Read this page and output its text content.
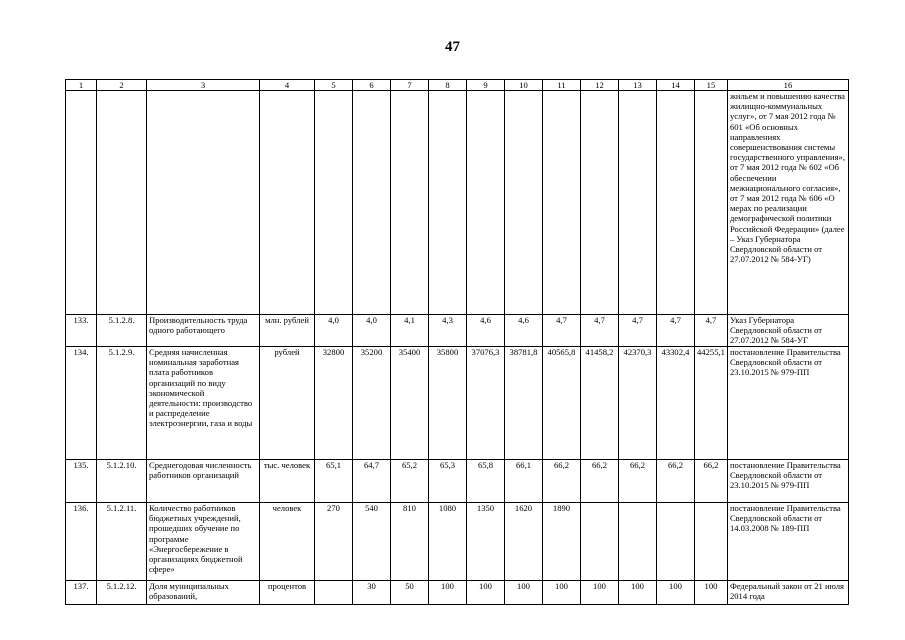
47
1	2	3	4	5	6	7	8	9	10	11	12	13	14	15	16
															жильем и повышению качества жилищно-коммунальных услуг», от 7 мая 2012 года № 601 «Об основных направлениях совершенствования системы государственного управления», от 7 мая 2012 года № 602 «Об обеспечении межнационального согласия», от 7 мая 2012 года № 606 «О мерах по реализации демографической политики Российской Федерации» (далее – Указ Губернатора Свердловской области от 27.07.2012 № 584-УГ)
133.	5.1.2.8.	Производительность труда одного работающего	млн. рублей	4,0	4,0	4,1	4,3	4,6	4,6	4,7	4,7	4,7	4,7	4,7	Указ Губернатора Свердловской области от 27.07.2012 № 584-УГ
134.	5.1.2.9.	Средняя начисленная номинальная заработная плата работников организаций по виду экономической деятельности: производство и распределение электроэнергии, газа и воды	рублей	32800	35200	35400	35800	37076,3	38781,8	40565,8	41458,2	42370,3	43302,4	44255,1	постановление Правительства Свердловской области от 23.10.2015 № 979-ПП
135.	5.1.2.10.	Среднегодовая численность работников организаций	тыс. человек	65,1	64,7	65,2	65,3	65,8	66,1	66,2	66,2	66,2	66,2	66,2	постановление Правительства Свердловской области от 23.10.2015 № 979-ПП
136.	5.1.2.11.	Количество работников бюджетных учреждений, прошедших обучение по программе «Энергосбережение в организациях бюджетной сфере»	человек	270	540	810	1080	1350	1620	1890					постановление Правительства Свердловской области от 14.03.2008 № 189-ПП
137.	5.1.2.12.	Доля муниципальных образований,	процентов		30	50	100	100	100	100	100	100	100	100	Федеральный закон от 21 июля 2014 года
